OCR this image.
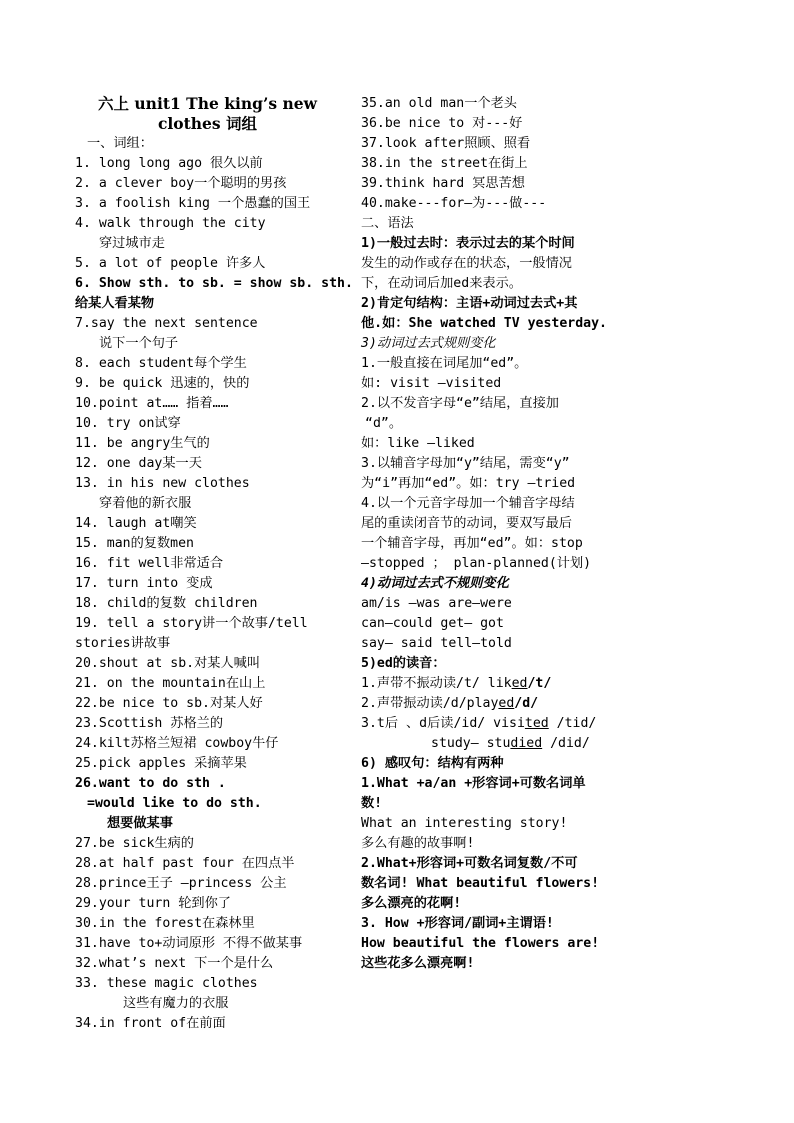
六上 unit1 The king’s new
clothes 词组
一、词组：
1. long long ago 很久以前
2. a clever boy一个聪明的男孩
3. a foolish king 一个愚蠢的国王
4. walk through the city
穿过城市走
5. a lot of people 许多人
6. Show sth. to sb. = show sb. sth.
给某人看某物
7.say the next sentence
说下一个句子
8. each student每个学生
9. be quick 迅速的，快的
10.point at…… 指着……
10. try on试穿
11. be angry生气的
12. one day某一天
13. in his new clothes
穿着他的新衣服
14. laugh at嘲笑
15. man的复数men
16. fit well非常适合
17. turn into 变成
18. child的复数 children
19. tell a story讲一个故事/tell
stories讲故事
20.shout at sb.对某人喊叫
21. on the mountain在山上
22.be nice to sb.对某人好
23.Scottish 苏格兰的
24.kilt苏格兰短裙 cowboy牛仔
25.pick apples 采摘苹果
26.want to do sth .
=would like to do sth.
想要做某事
27.be sick生病的
28.at half past four 在四点半
28.prince王子 –princess 公主
29.your turn 轮到你了
30.in the forest在森林里
31.have to+动词原形 不得不做某事
32.what’s next 下一个是什么
33. these magic clothes
这些有魔力的衣服
34.in front of在前面
35.an old man一个老头
36.be nice to 对---好
37.look after照顾、照看
38.in the street在街上
39.think hard 冥思苦想
40.make---for—为---做---
二、语法
1)一般过去时：表示过去的某个时间
发生的动作或存在的状态，一般情况
下，在动词后加ed来表示。
2)肯定句结构：主语+动词过去式+其
他.如：She watched TV yesterday.
3)动词过去式规则变化
1.一般直接在词尾加“ed”。
如: visit –visited
2.以不发音字母“e”结尾，直接加
“d”。
如：like –liked
3.以辅音字母加“y”结尾，需变“y”
为“i”再加“ed”。如：try –tried
4.以一个元音字母加一个辅音字母结
尾的重读闭音节的动词，要双写最后
一个辅音字母，再加“ed”。如：stop
–stopped ； plan-planned(计划)
4)动词过去式不规则变化
am/is —was are—were
can—could get— got
say— said tell—told
5)ed的读音：
1.声带不振动读/t/ liked/t/
2.声带振动读/d/played/d/
3.t后 、d后读/id/ visited /tid/
study— studied /did/
6) 感叹句：结构有两种
1.What +a/an +形容词+可数名词单
数!
What an interesting story!
多么有趣的故事啊!
2.What+形容词+可数名词复数/不可
数名词! What beautiful flowers!
多么漂亮的花啊!
3. How +形容词/副词+主谓语!
How beautiful the flowers are!
这些花多么漂亮啊!
